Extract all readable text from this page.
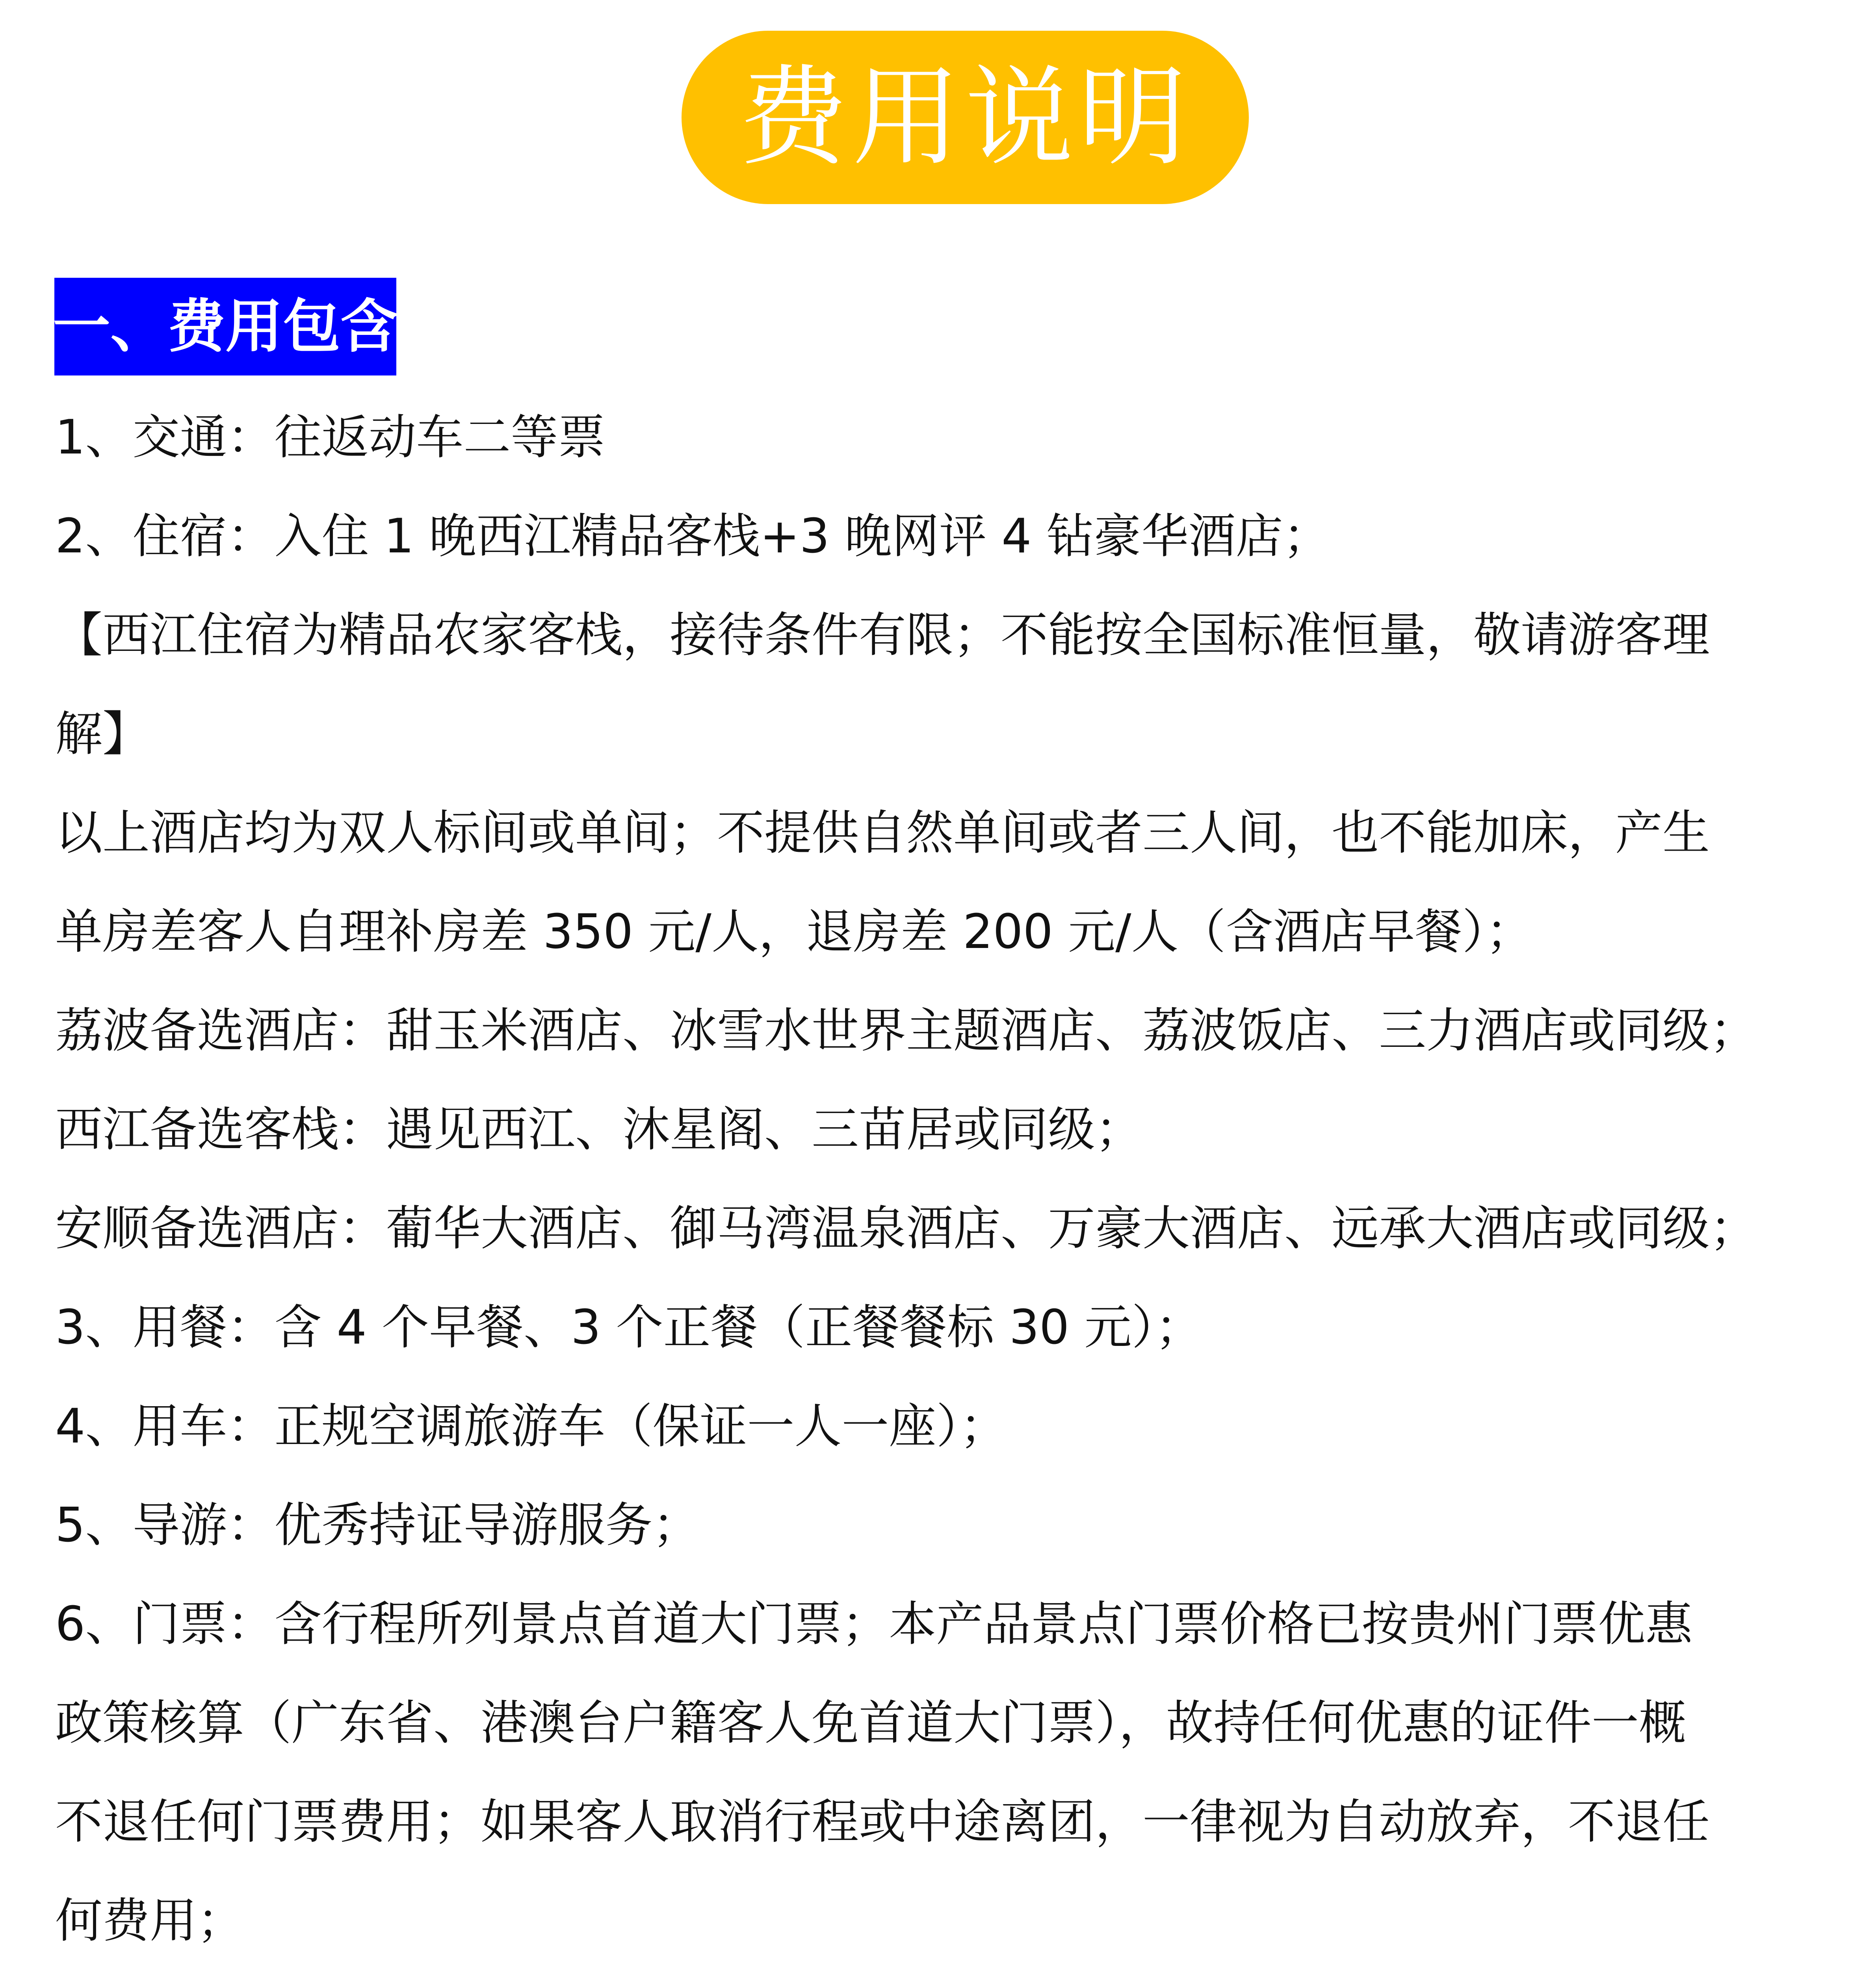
费用说明
一、费用包含
1、交通：往返动车二等票
2、住宿：入住 1 晚西江精品客栈+3 晚网评 4 钻豪华酒店；
【西江住宿为精品农家客栈，接待条件有限；不能按全国标准恒量，敬请游客理
解】
以上酒店均为双人标间或单间；不提供自然单间或者三人间，也不能加床，产生
单房差客人自理补房差 350 元/人，退房差 200 元/人（含酒店早餐）；
荔波备选酒店：甜玉米酒店、冰雪水世界主题酒店、荔波饭店、三力酒店或同级；
西江备选客栈：遇见西江、沐星阁、三苗居或同级；
安顺备选酒店：葡华大酒店、御马湾温泉酒店、万豪大酒店、远承大酒店或同级；
3、用餐：含 4 个早餐、3 个正餐（正餐餐标 30 元）；
4、用车：正规空调旅游车（保证一人一座）；
5、导游：优秀持证导游服务；
6、门票：含行程所列景点首道大门票；本产品景点门票价格已按贵州门票优惠
政策核算（广东省、港澳台户籍客人免首道大门票），故持任何优惠的证件一概
不退任何门票费用；如果客人取消行程或中途离团，一律视为自动放弃，不退任
何费用；
